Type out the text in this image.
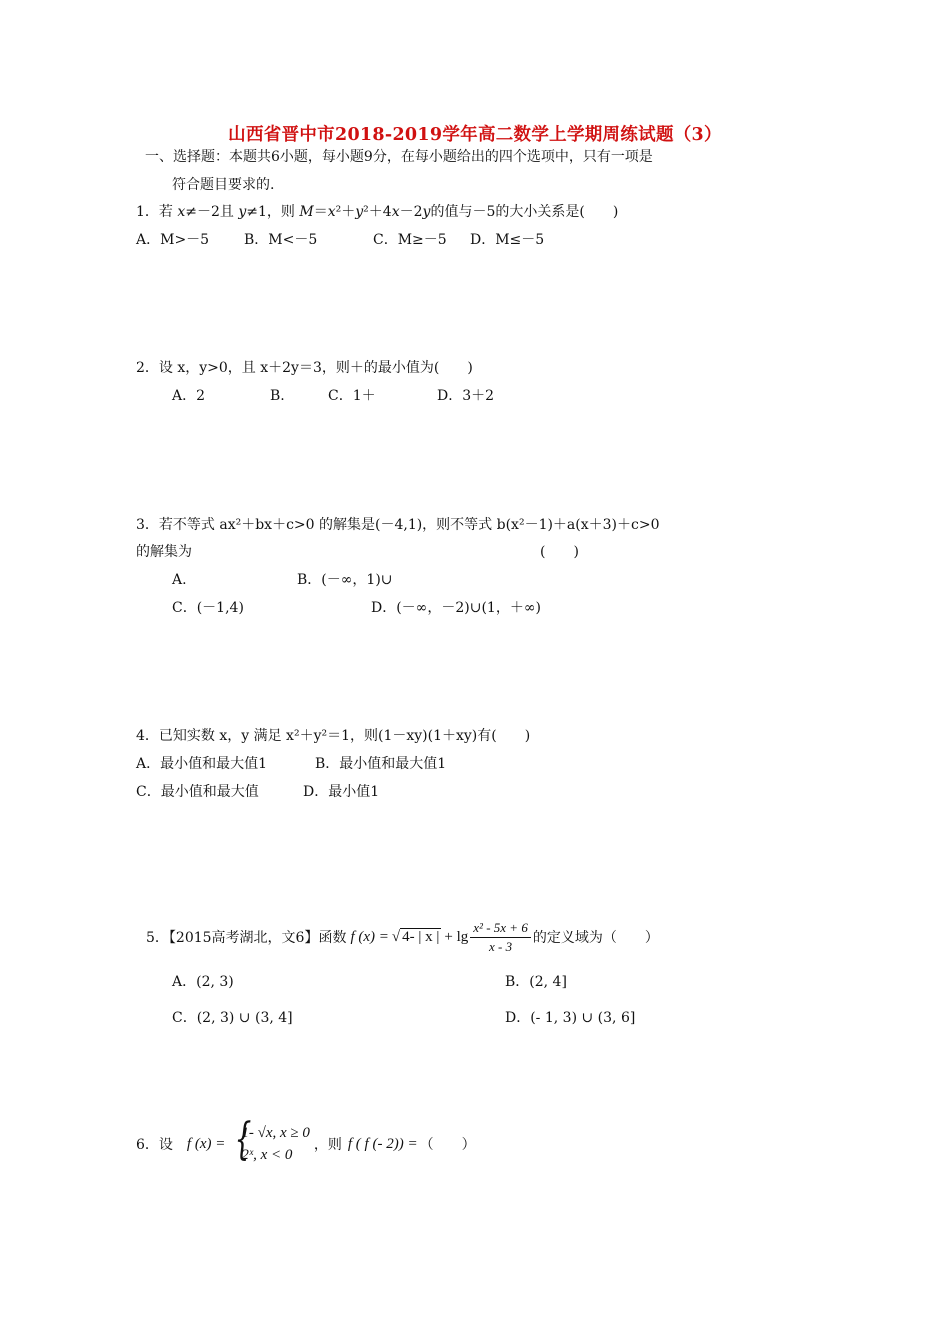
山西省晋中市2018-2019学年高二数学上学期周练试题（3）
一、选择题：本题共6小题，每小题9分，在每小题给出的四个选项中，只有一项是
符合题目要求的.
1．若 x≠－2且 y≠1，则 M＝x²＋y²＋4x－2y的值与－5的大小关系是(　　)
A．M>－5 B．M<－5	C．M≥－5 D．M≤－5
2．设 x，y>0，且 x＋2y＝3，则＋的最小值为(　　)
A．2	B.	C．1＋	D．3＋2
3．若不等式 ax²＋bx＋c>0 的解集是(－4,1)，则不等式 b(x²－1)＋a(x＋3)＋c>0
的解集为	(　　)
A.	B．(－∞，1)∪
C．(－1,4)	D．(－∞，－2)∪(1，＋∞)
4．已知实数 x，y 满足 x²＋y²＝1，则(1－xy)(1＋xy)有(　　)
A．最小值和最大值1	B．最小值和最大值1
C．最小值和最大值	D．最小值1
5．【2015高考湖北，文6】函数 f (x) = √ 4- | x | + $\lg \frac{\text{x² - 5x + 6}}{x - 3}$ 的定义域为（　　）
A．(2, 3)	B．(2, 4]
C．(2, 3) ∪ (3, 4]	D．(- 1, 3) ∪ (3, 6]
6．设 f (x) = {
1- √x, x ≥ 0
2ˣ, x < 0
，则 f ( f (- 2)) = （　　）
